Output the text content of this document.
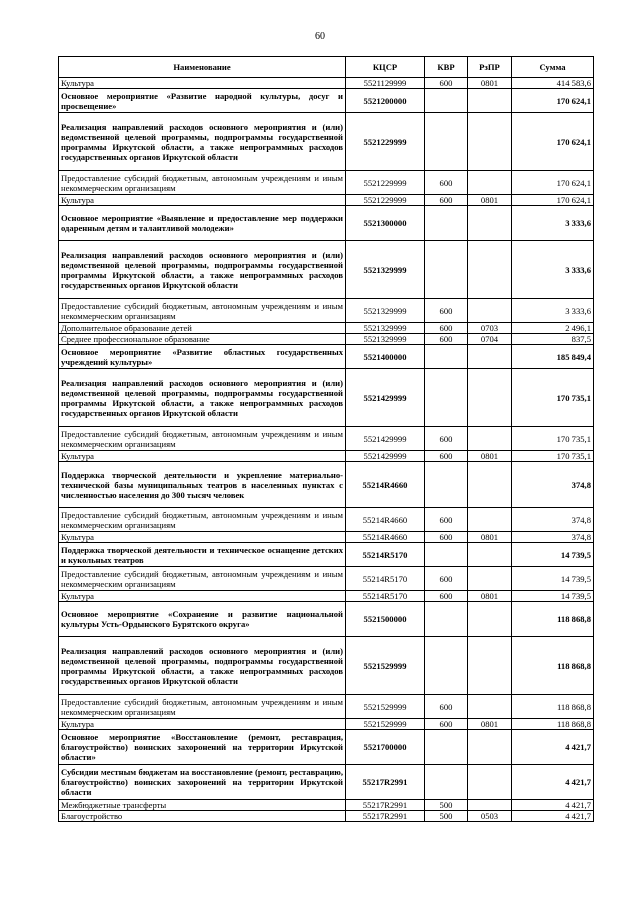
60
Наименование	КЦСР	КВР	РзПР	Сумма
Культура	5521129999	600	0801	414 583,6
Основное мероприятие «Развитие народной культуры, досуг и просвещение»	5521200000			170 624,1
Реализация направлений расходов основного мероприятия и (или) ведомственной целевой программы, подпрограммы государственной программы Иркутской области, а также непрограммных расходов государственных органов Иркутской области	5521229999			170 624,1
Предоставление субсидий бюджетным, автономным учреждениям и иным некоммерческим организациям	5521229999	600		170 624,1
Культура	5521229999	600	0801	170 624,1
Основное мероприятие «Выявление и предоставление мер поддержки одаренным детям и талантливой молодежи»	5521300000			3 333,6
Реализация направлений расходов основного мероприятия и (или) ведомственной целевой программы, подпрограммы государственной программы Иркутской области, а также непрограммных расходов государственных органов Иркутской области	5521329999			3 333,6
Предоставление субсидий бюджетным, автономным учреждениям и иным некоммерческим организациям	5521329999	600		3 333,6
Дополнительное образование детей	5521329999	600	0703	2 496,1
Среднее профессиональное образование	5521329999	600	0704	837,5
Основное мероприятие «Развитие областных государственных учреждений культуры»	5521400000			185 849,4
Реализация направлений расходов основного мероприятия и (или) ведомственной целевой программы, подпрограммы государственной программы Иркутской области, а также непрограммных расходов государственных органов Иркутской области	5521429999			170 735,1
Предоставление субсидий бюджетным, автономным учреждениям и иным некоммерческим организациям	5521429999	600		170 735,1
Культура	5521429999	600	0801	170 735,1
Поддержка творческой деятельности и укрепление материально-технической базы муниципальных театров в населенных пунктах с численностью населения до 300 тысяч человек	55214R4660			374,8
Предоставление субсидий бюджетным, автономным учреждениям и иным некоммерческим организациям	55214R4660	600		374,8
Культура	55214R4660	600	0801	374,8
Поддержка творческой деятельности и техническое оснащение детских и кукольных театров	55214R5170			14 739,5
Предоставление субсидий бюджетным, автономным учреждениям и иным некоммерческим организациям	55214R5170	600		14 739,5
Культура	55214R5170	600	0801	14 739,5
Основное мероприятие «Сохранение и развитие национальной культуры Усть-Ордынского Бурятского округа»	5521500000			118 868,8
Реализация направлений расходов основного мероприятия и (или) ведомственной целевой программы, подпрограммы государственной программы Иркутской области, а также непрограммных расходов государственных органов Иркутской области	5521529999			118 868,8
Предоставление субсидий бюджетным, автономным учреждениям и иным некоммерческим организациям	5521529999	600		118 868,8
Культура	5521529999	600	0801	118 868,8
Основное мероприятие «Восстановление (ремонт, реставрация, благоустройство) воинских захоронений на территории Иркутской области»	5521700000			4 421,7
Субсидии местным бюджетам на восстановление (ремонт, реставрацию, благоустройство) воинских захоронений на территории Иркутской области	55217R2991			4 421,7
Межбюджетные трансферты	55217R2991	500		4 421,7
Благоустройство	55217R2991	500	0503	4 421,7
